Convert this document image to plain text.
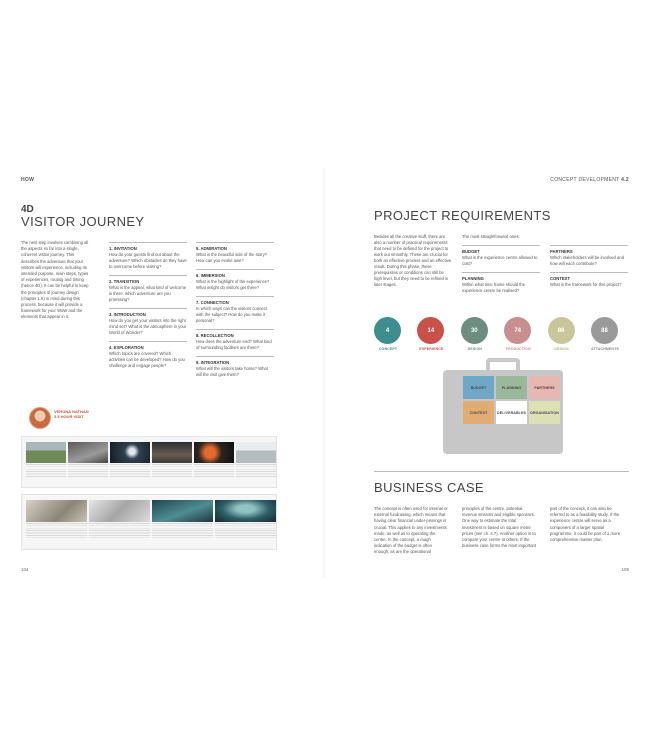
HOW
4D
VISITOR JOURNEY
The next step involves combining all the aspects so far into a single, coherent visitor journey. This describes the adventure that your visitors will experience, including its intended purpose, main steps, types of experiences, routing and timing (hence 4D). It can be helpful to keep the principles of journey design (chapter 1.6) in mind during this process, because it will provide a framework for your WoW and the elements that appear in it.
1. INVITATION
How do your guests find out about the adventure? Which obstacles do they have to overcome before visiting?
2. TRANSITION
What is the appeal, what kind of welcome is there, which adventure are you promising?
3. INTRODUCTION
How do you get your visitors into the right mind set? What is the atmosphere in your World of Wonder?
4. EXPLORATION
Which topics are covered? Which activities can be developed? How do you challenge and engage people?
5. ADMIRATION
What is the beautiful side of the story? How can you evoke awe?
6. IMMERSION
What is the highlight of the experience? What insight do visitors get there?
7. CONNECTION
In which ways can the visitors connect with the subject? How do you make it personal?
8. RECOLLECTION
How does the adventure end? What kind of surrounding facilities are there?
9. INTEGRATION
What will the visitors take home? What will the visit give them?
VERONA NATHAN
2.5 HOUR VISIT
104
CONCEPT DEVELOPMENT 4.2
PROJECT REQUIREMENTS
Besides all the creative stuff, there are also a number of practical requirements that need to be defined for the project to work out smoothly. These are crucial for both an effective process and an effective result. During this phase, these prerequisites or conditions can still be high level, but they need to be refined in later stages.
The most straightforward ones:
BUDGET
What is the experience centre allowed to cost?
PLANNING
Within what time frame should the experience centre be realised?
PARTNERS
Which stakeholders will be involved and how will each contribute?
CONTEXT
What is the framework for this project?
4
CONCEPT
14
EXPERIENCE
30
DESIGN
74
PRODUCTION
86
DESIGN
88
ATTACHMENTS
BUDGET	PLANNING	PARTNERS
CONTEXT	DELIVERABLES ORGANISATION
BUSINESS CASE
The concept is often used for internal or external fundraising, which means that having clear financial under-pinnings is crucial. This applies to any investments made, as well as to operating the centre. In the concept, a rough indication of the budget is often enough, as are the operational
principles of the centre, potential revenue streams and eligible sponsors. One way to estimate the total investment is based on square metre prices (see ch. 4.7). Another option is to compare your centre to others. If the business case forms the most important
part of the concept, it can also be referred to as a feasibility study. If the experience centre will serve as a component of a larger spatial programme, it could be part of a more comprehensive master plan.
105
